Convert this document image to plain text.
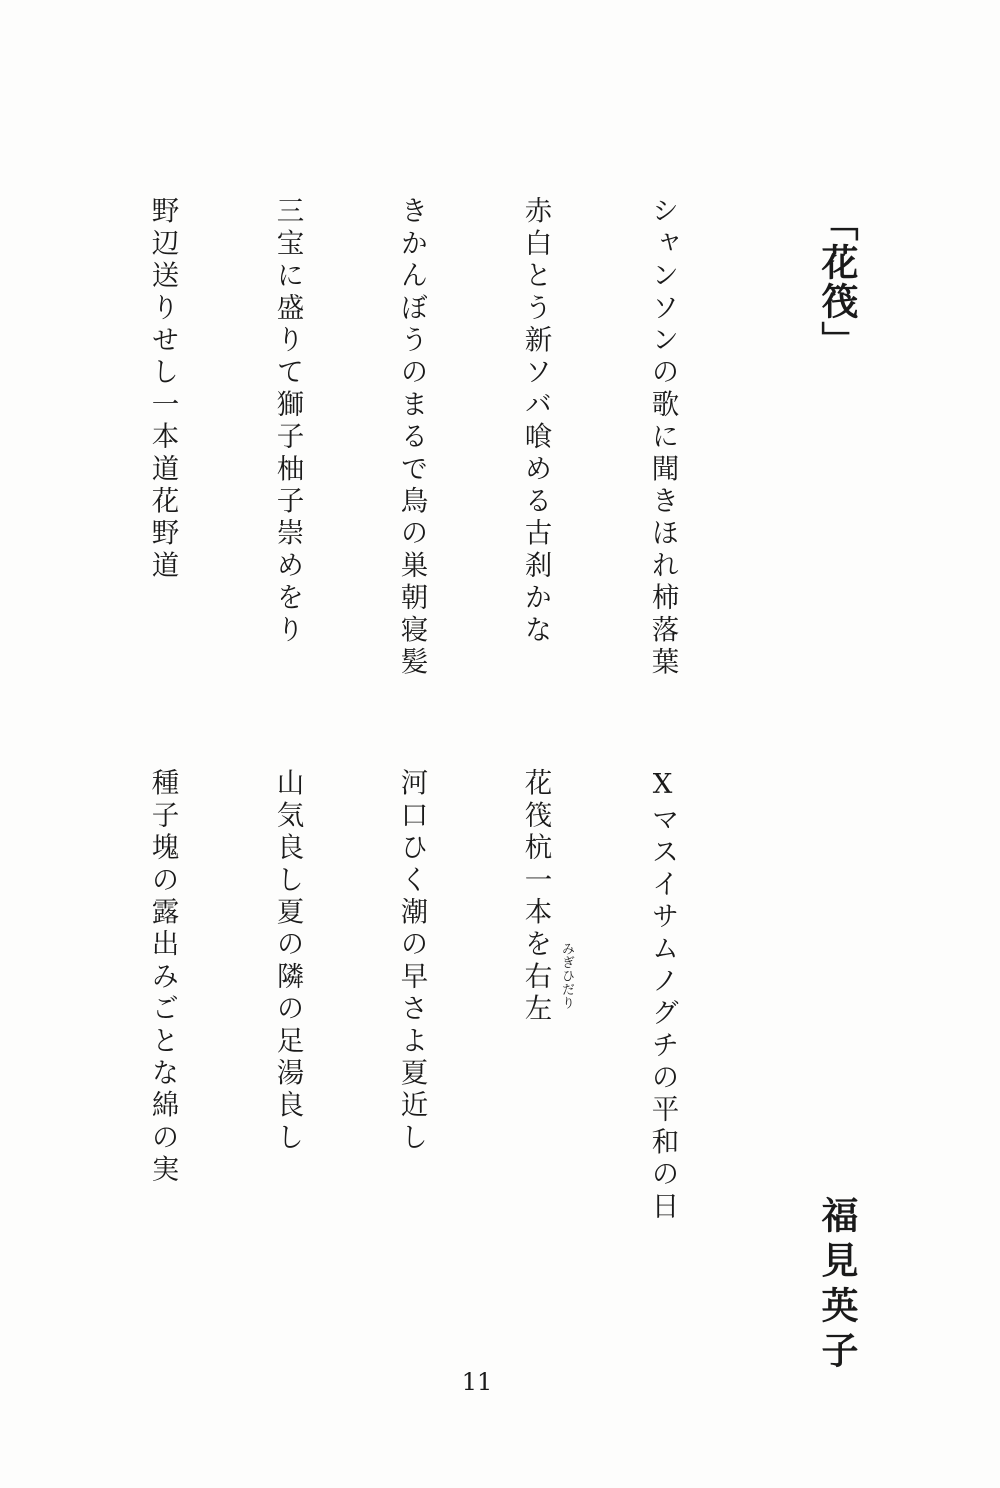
「花筏」
シャンソンの歌に聞きほれ柿落葉
赤白とう新ソバ喰める古刹かな
きかんぼうのまるで鳥の巣朝寝髪
三宝に盛りて獅子柚子崇めをり
野辺送りせし一本道花野道
Xマスイサムノグチの平和の日
花筏杭一本を右左 みぎひだり
河口ひく潮の早さよ夏近し
山気良し夏の隣の足湯良し
種子塊の露出みごとな綿の実
福見英子
11
